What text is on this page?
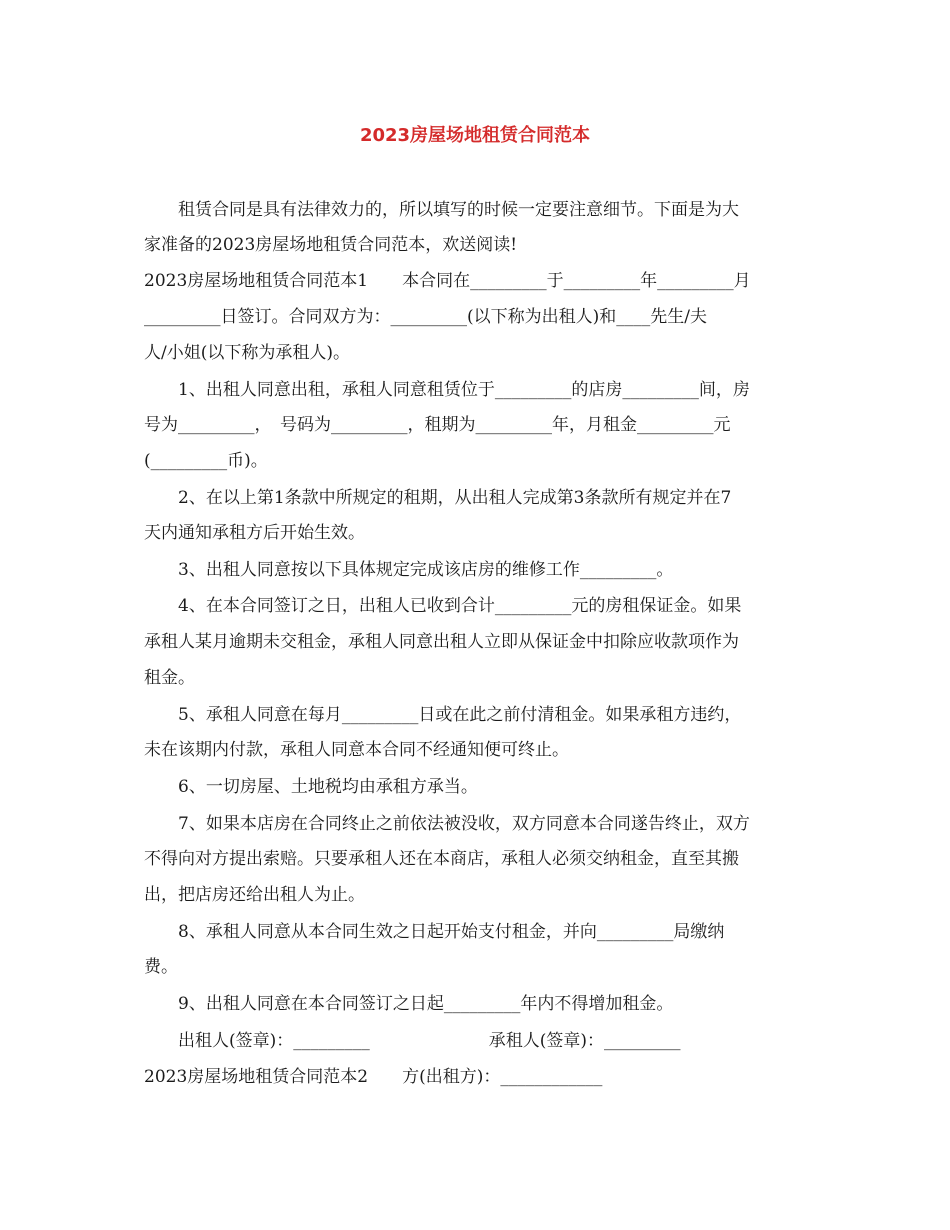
2023房屋场地租赁合同范本
租赁合同是具有法律效力的，所以填写的时候一定要注意细节。下面是为大
家准备的2023房屋场地租赁合同范本，欢送阅读!
2023房屋场地租赁合同范本1　　本合同在_________于_________年_________月
_________日签订。合同双方为：_________(以下称为出租人)和____先生/夫
人/小姐(以下称为承租人)。
1、出租人同意出租，承租人同意租赁位于_________的店房_________间，房
号为_________，　号码为_________，租期为_________年，月租金_________元
(_________币)。
2、在以上第1条款中所规定的租期，从出租人完成第3条款所有规定并在7
天内通知承租方后开始生效。
3、出租人同意按以下具体规定完成该店房的维修工作_________。
4、在本合同签订之日，出租人已收到合计_________元的房租保证金。如果
承租人某月逾期未交租金，承租人同意出租人立即从保证金中扣除应收款项作为
租金。
5、承租人同意在每月_________日或在此之前付清租金。如果承租方违约，
未在该期内付款，承租人同意本合同不经通知便可终止。
6、一切房屋、土地税均由承租方承当。
7、如果本店房在合同终止之前依法被没收，双方同意本合同遂告终止，双方
不得向对方提出索赔。只要承租人还在本商店，承租人必须交纳租金，直至其搬
出，把店房还给出租人为止。
8、承租人同意从本合同生效之日起开始支付租金，并向_________局缴纳
费。
9、出租人同意在本合同签订之日起_________年内不得增加租金。
出租人(签章)：_________　　　　　　　承租人(签章)：_________
2023房屋场地租赁合同范本2　　方(出租方)：____________
